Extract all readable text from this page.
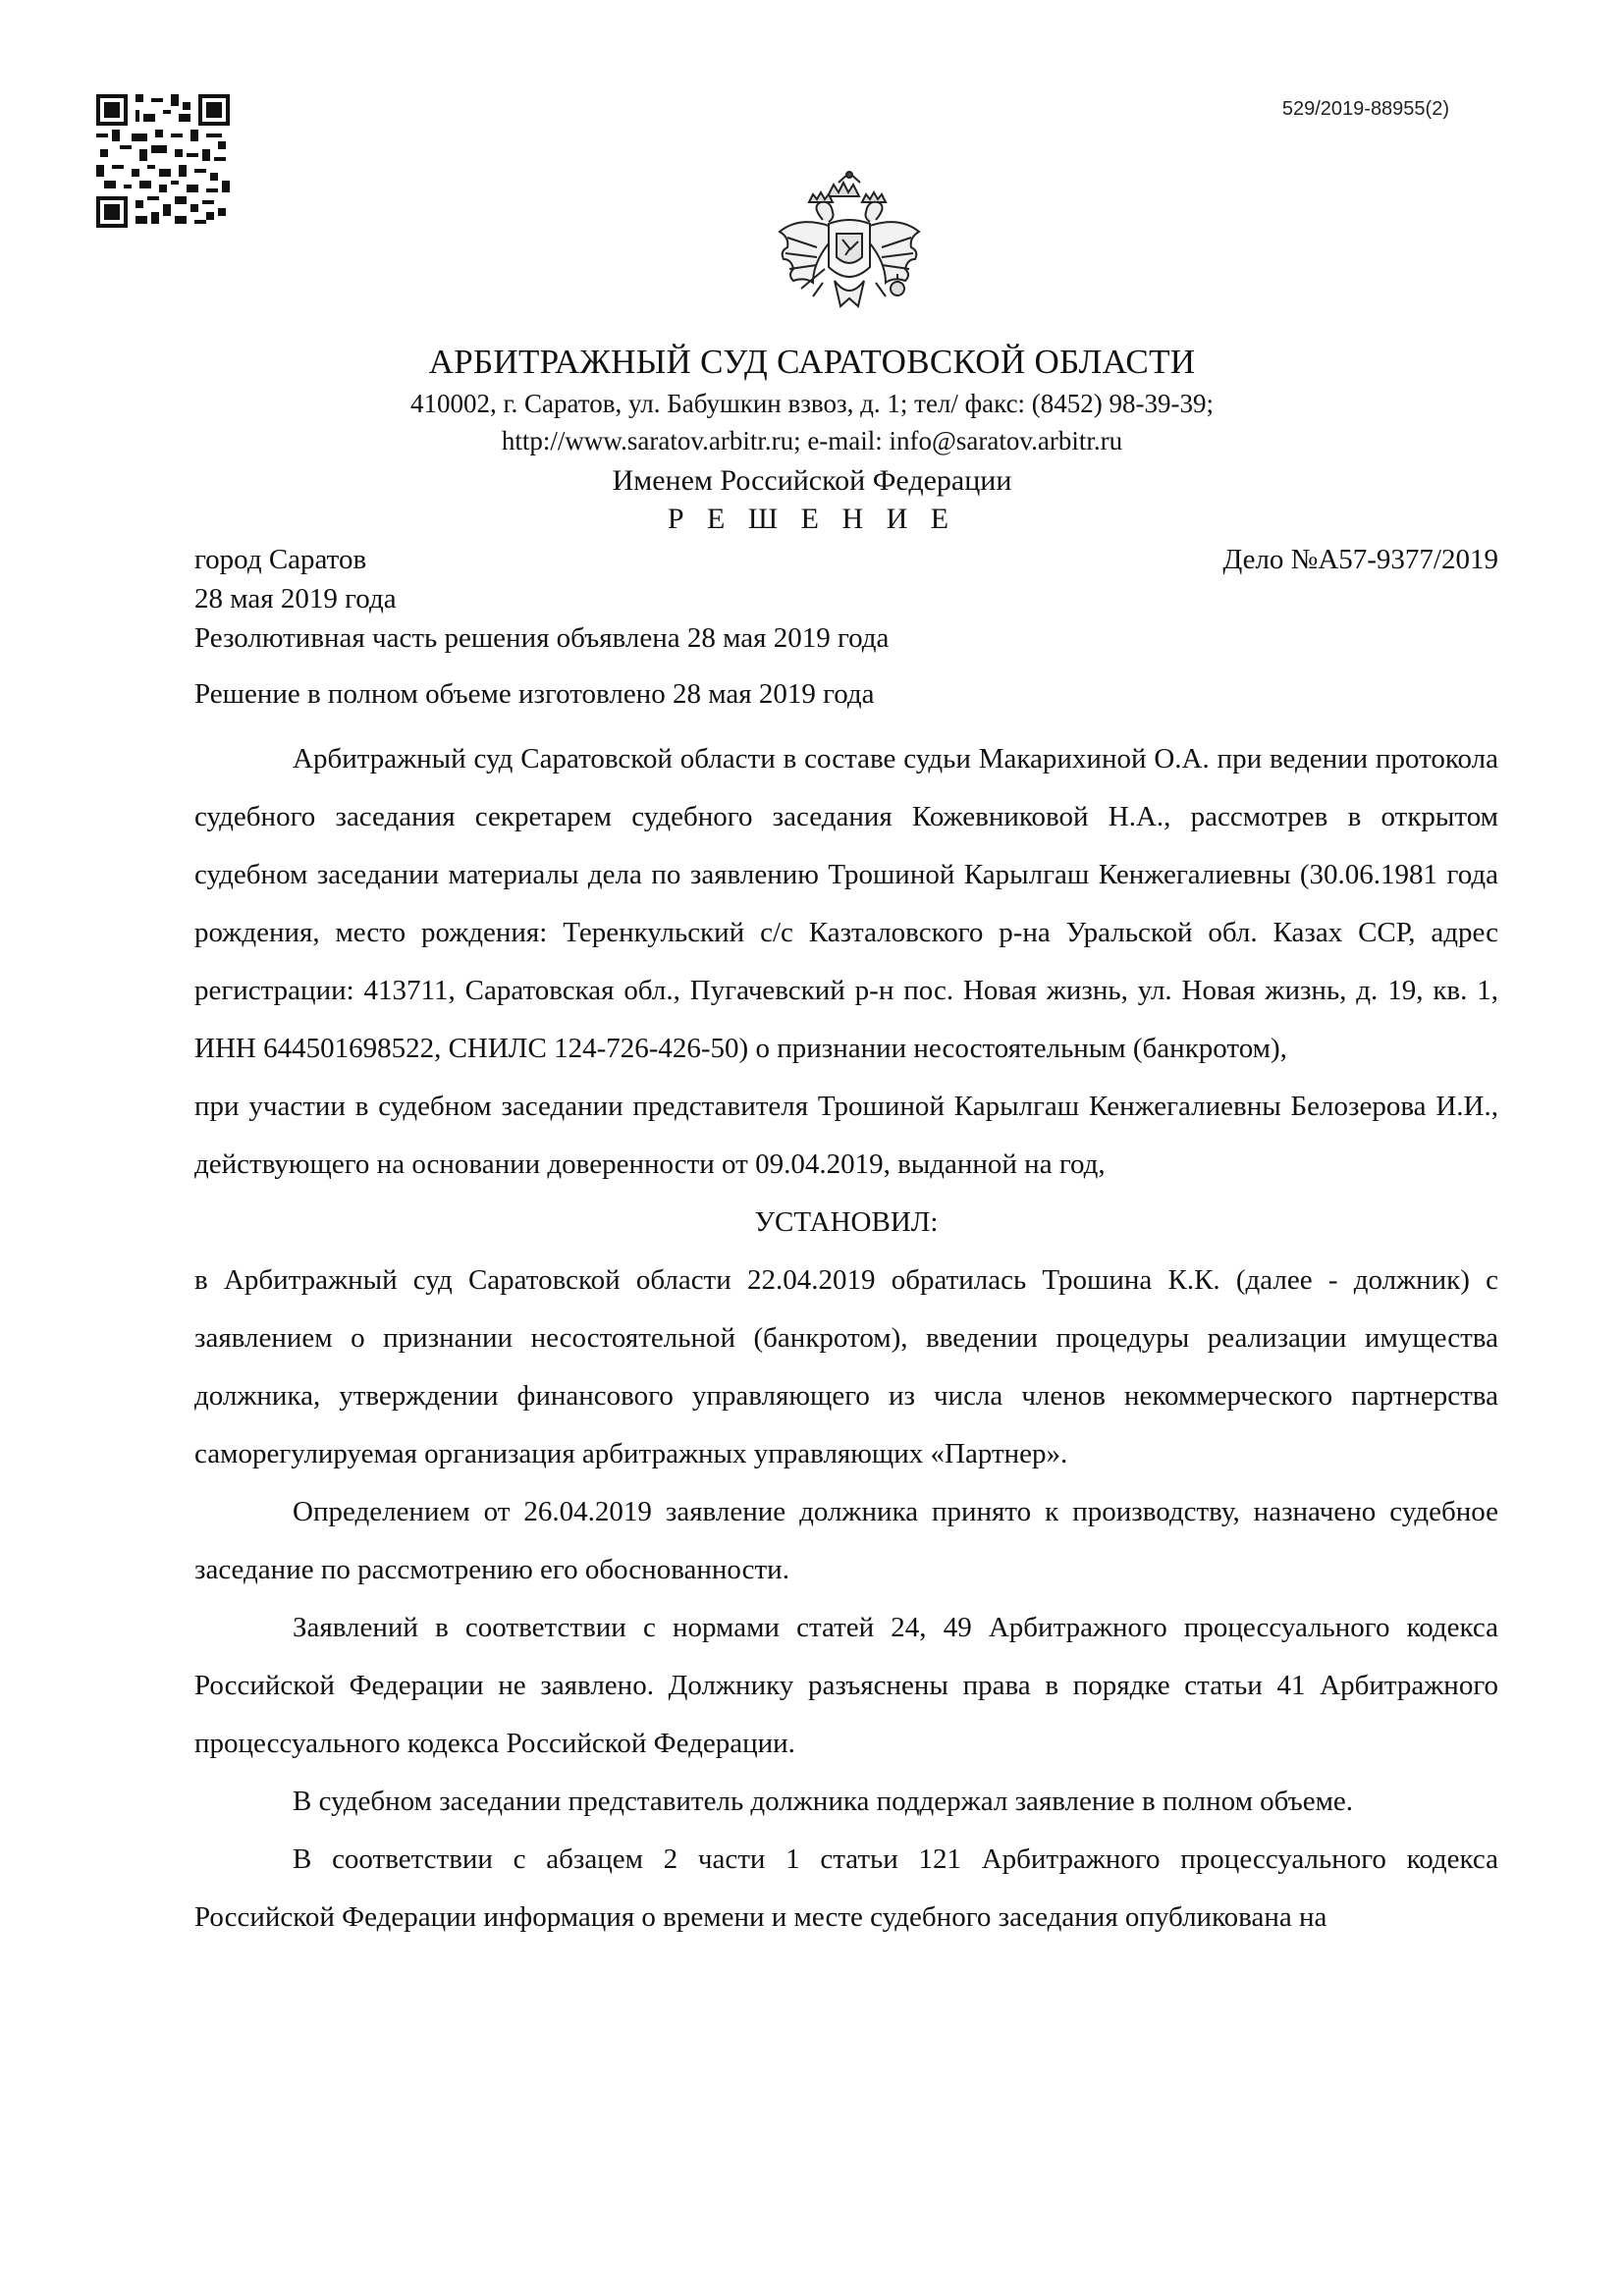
529/2019-88955(2)
АРБИТРАЖНЫЙ СУД САРАТОВСКОЙ ОБЛАСТИ
410002, г. Саратов, ул. Бабушкин взвоз, д. 1; тел/ факс: (8452) 98-39-39;
http://www.saratov.arbitr.ru; e-mail: info@saratov.arbitr.ru
Именем Российской Федерации
Р Е Ш Е Н И Е
город Саратов	Дело №А57-9377/2019
28 мая 2019 года
Резолютивная часть решения объявлена 28 мая 2019 года
Решение в полном объеме изготовлено 28 мая 2019 года

Арбитражный суд Саратовской области в составе судьи Макарихиной О.А. при ведении протокола судебного заседания секретарем судебного заседания Кожевниковой Н.А., рассмотрев в открытом судебном заседании материалы дела по заявлению Трошиной Карылгаш Кенжегалиевны (30.06.1981 года рождения, место рождения: Теренкульский с/с Казталовского р-на Уральской обл. Казах ССР, адрес регистрации: 413711, Саратовская обл., Пугачевский р-н пос. Новая жизнь, ул. Новая жизнь, д. 19, кв. 1, ИНН 644501698522, СНИЛС 124-726-426-50) о признании несостоятельным (банкротом),

при участии в судебном заседании представителя Трошиной Карылгаш Кенжегалиевны Белозерова И.И., действующего на основании доверенности от 09.04.2019, выданной на год,

УСТАНОВИЛ:

в Арбитражный суд Саратовской области 22.04.2019 обратилась Трошина К.К. (далее - должник) с заявлением о признании несостоятельной (банкротом), введении процедуры реализации имущества должника, утверждении финансового управляющего из числа членов некоммерческого партнерства саморегулируемая организация арбитражных управляющих «Партнер».

Определением от 26.04.2019 заявление должника принято к производству, назначено судебное заседание по рассмотрению его обоснованности.

Заявлений в соответствии с нормами статей 24, 49 Арбитражного процессуального кодекса Российской Федерации не заявлено. Должнику разъяснены права в порядке статьи 41 Арбитражного процессуального кодекса Российской Федерации.

В судебном заседании представитель должника поддержал заявление в полном объеме.

В соответствии с абзацем 2 части 1 статьи 121 Арбитражного процессуального кодекса Российской Федерации информация о времени и месте судебного заседания опубликована на
